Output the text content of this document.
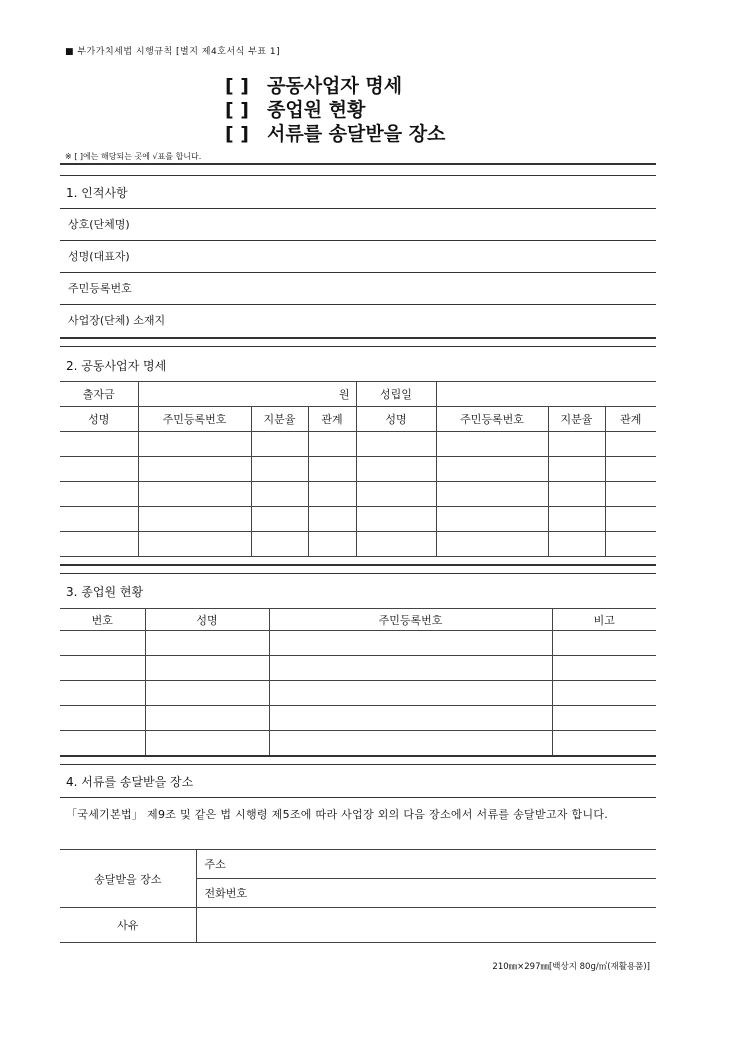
■ 부가가치세법 시행규칙 [별지 제4호서식 부표 1]
[ ] 공동사업자 명세
[ ] 종업원 현황
[ ] 서류를 송달받을 장소
※ [ ]에는 해당되는 곳에 √표를 합니다.
1. 인적사항
상호(단체명)
성명(대표자)
주민등록번호
사업장(단체) 소재지
2. 공동사업자 명세
출자금	원			성립일			
성명	주민등록번호	지분율	관계	성명	주민등록번호	지분율	관계

3. 종업원 현황
번호	성명	주민등록번호	비고

4. 서류를 송달받을 장소
「국세기본법」 제9조 및 같은 법 시행령 제5조에 따라 사업장 외의 다음 장소에서 서류를 송달받고자 합니다.
송달받을 장소	주소
	전화번호
사유	
210㎜×297㎜[백상지 80g/㎡(재활용품)]
